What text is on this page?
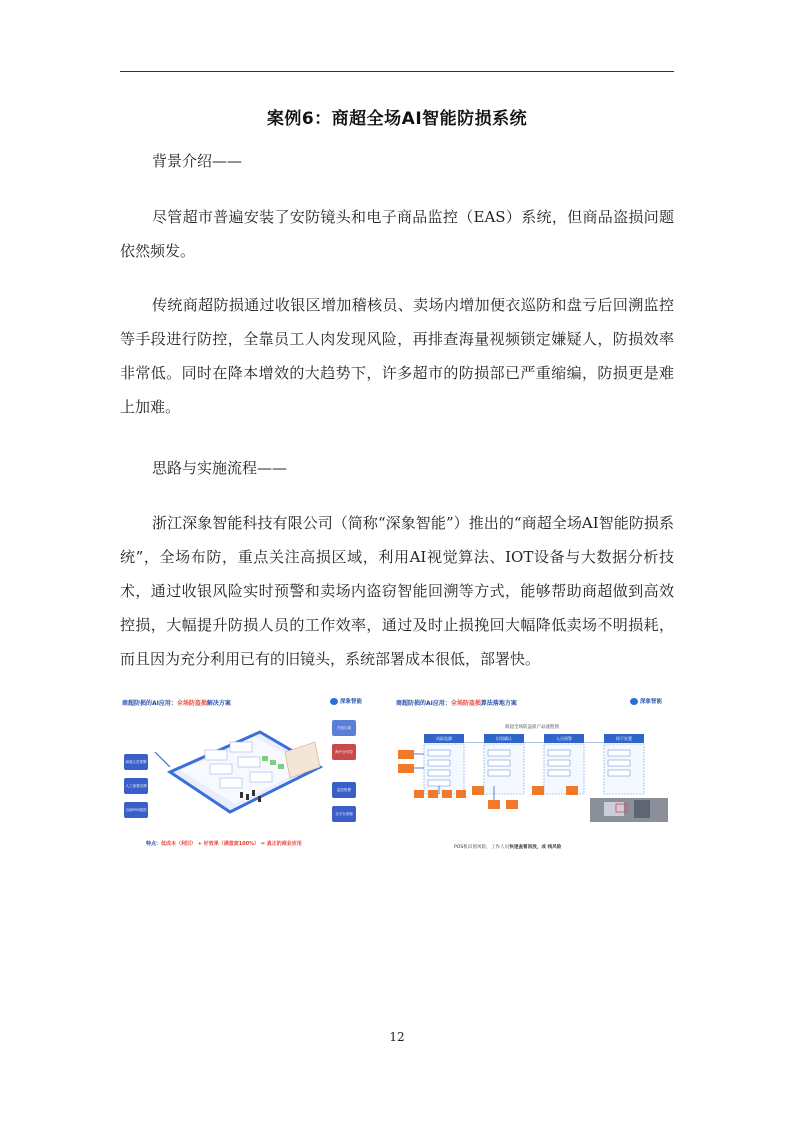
案例6：商超全场AI智能防损系统
背景介绍——

尽管超市普遍安装了安防镜头和电子商品监控（EAS）系统，但商品盗损问题依然频发。

传统商超防损通过收银区增加稽核员、卖场内增加便衣巡防和盘亏后回溯监控等手段进行防控，全靠员工人肉发现风险，再排查海量视频锁定嫌疑人，防损效率非常低。同时在降本增效的大趋势下，许多超市的防损部已严重缩编，防损更是难上加难。

思路与实施流程——

浙江深象智能科技有限公司（简称“深象智能”）推出的“商超全场AI智能防损系统”，全场布防，重点关注高损区域，利用AI视觉算法、IOT设备与大数据分析技术，通过收银风险实时预警和卖场内盗窃智能回溯等方式，能够帮助商超做到高效控损，大幅提升防损人员的工作效率，通过及时止损挽回大幅降低卖场不明损耗，而且因为充分利用已有的旧镜头，系统部署成本很低，部署快。

商超防损的AI应用：全场防盗损解决方案	深象智能
商超人员预警
人工查看回溯
自助POS报损
开放区域
海外仓布控
监控报警
全平台管理
特点：低成本（利旧） + 好效果（满意度100%） = 真正的商业应用
商超防损的AI应用：全场防盗损算法落地方案	深象智能
商超全场防盗损产品流程图
风险监测	识别确认	人员预警	线下处置
POS机识别风险，工作人员快速查看回放，成 线风险
12
